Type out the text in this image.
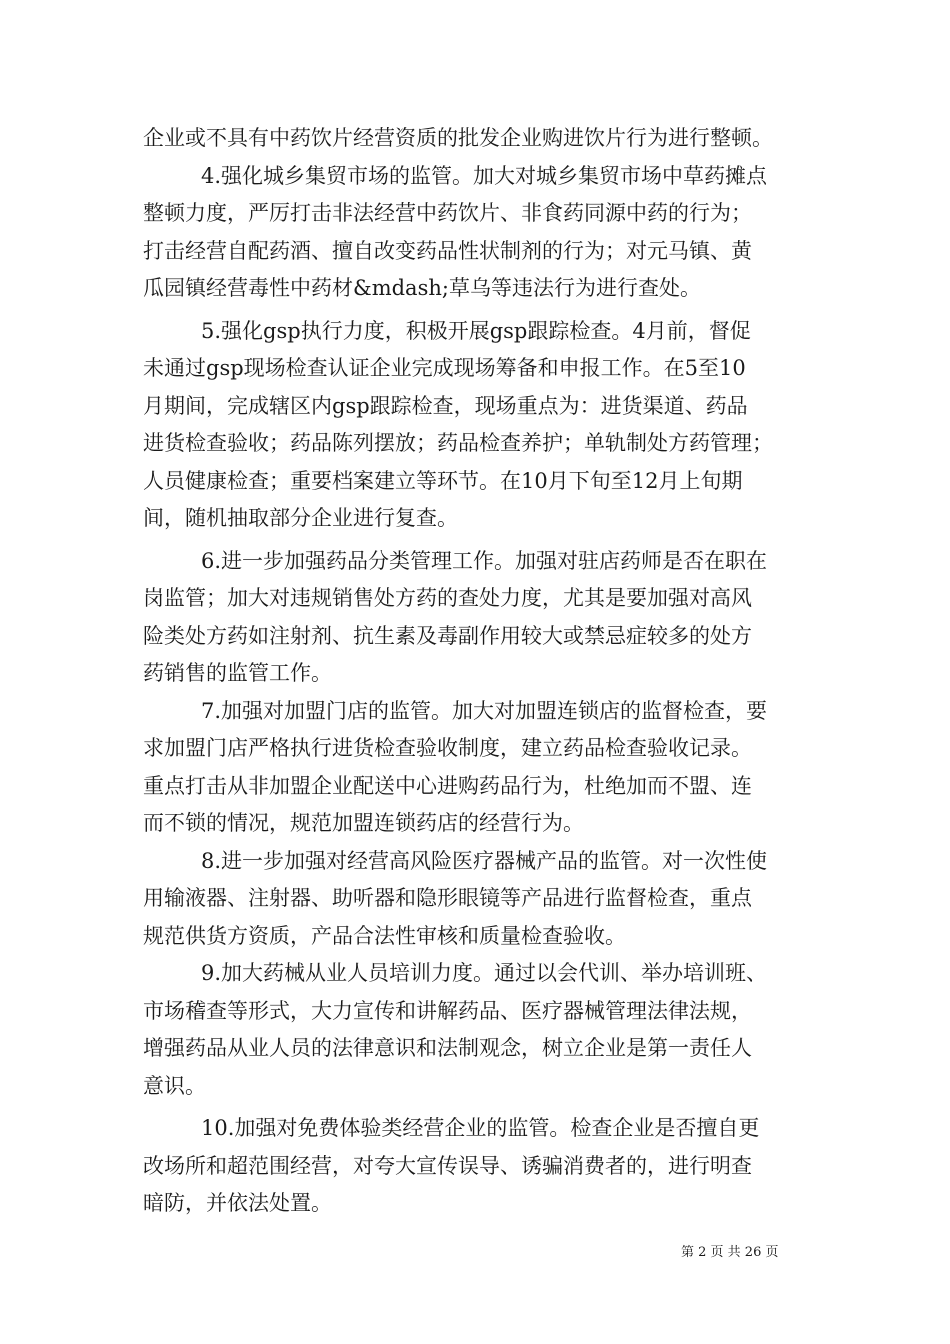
企业或不具有中药饮片经营资质的批发企业购进饮片行为进行整顿。
4.强化城乡集贸市场的监管。加大对城乡集贸市场中草药摊点
整顿力度，严厉打击非法经营中药饮片、非食药同源中药的行为；
打击经营自配药酒、擅自改变药品性状制剂的行为；对元马镇、黄
瓜园镇经营毒性中药材&mdash;草乌等违法行为进行查处。
5.强化gsp执行力度，积极开展gsp跟踪检查。4月前，督促
未通过gsp现场检查认证企业完成现场筹备和申报工作。在5至10
月期间，完成辖区内gsp跟踪检查，现场重点为：进货渠道、药品
进货检查验收；药品陈列摆放；药品检查养护；单轨制处方药管理；
人员健康检查；重要档案建立等环节。在10月下旬至12月上旬期
间，随机抽取部分企业进行复查。
6.进一步加强药品分类管理工作。加强对驻店药师是否在职在
岗监管；加大对违规销售处方药的查处力度，尤其是要加强对高风
险类处方药如注射剂、抗生素及毒副作用较大或禁忌症较多的处方
药销售的监管工作。
7.加强对加盟门店的监管。加大对加盟连锁店的监督检查，要
求加盟门店严格执行进货检查验收制度，建立药品检查验收记录。
重点打击从非加盟企业配送中心进购药品行为，杜绝加而不盟、连
而不锁的情况，规范加盟连锁药店的经营行为。
8.进一步加强对经营高风险医疗器械产品的监管。对一次性使
用输液器、注射器、助听器和隐形眼镜等产品进行监督检查，重点
规范供货方资质，产品合法性审核和质量检查验收。
9.加大药械从业人员培训力度。通过以会代训、举办培训班、
市场稽查等形式，大力宣传和讲解药品、医疗器械管理法律法规，
增强药品从业人员的法律意识和法制观念，树立企业是第一责任人
意识。
10.加强对免费体验类经营企业的监管。检查企业是否擅自更
改场所和超范围经营，对夸大宣传误导、诱骗消费者的，进行明查
暗防，并依法处置。
第 2 页 共 26 页
